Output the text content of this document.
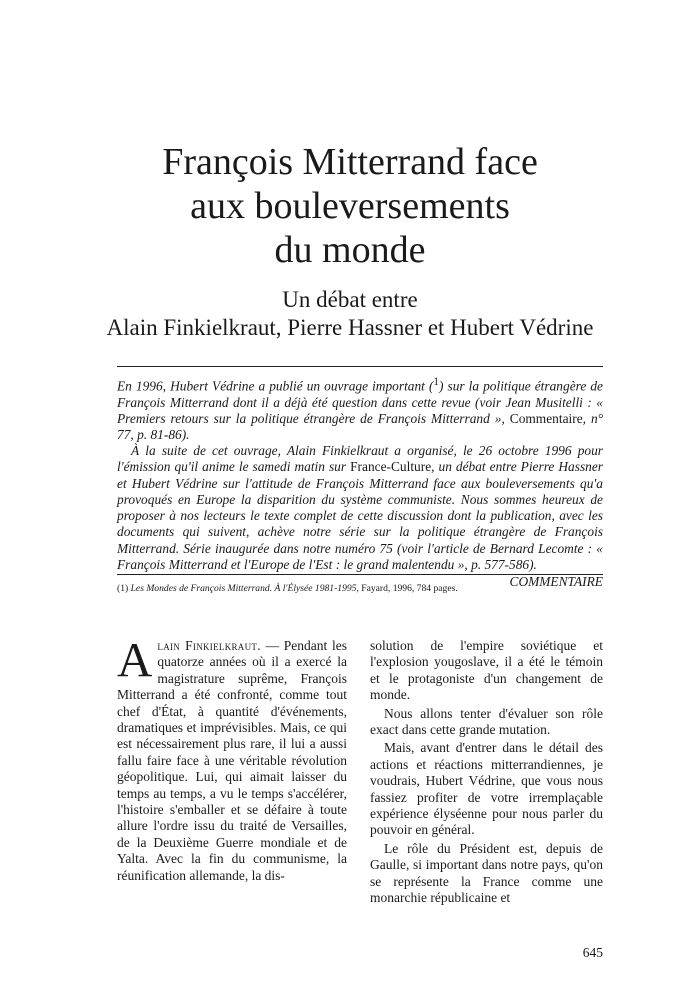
François Mitterrand face
aux bouleversements
du monde
Un débat entre
Alain Finkielkraut, Pierre Hassner et Hubert Védrine

En 1996, Hubert Védrine a publié un ouvrage important ($^1$) sur la politique étrangère de François Mitterrand dont il a déjà été question dans cette revue (voir Jean Musitelli : « Premiers retours sur la politique étrangère de François Mitterrand », Commentaire, n° 77, p. 81-86).

À la suite de cet ouvrage, Alain Finkielkraut a organisé, le 26 octobre 1996 pour l'émission qu'il anime le samedi matin sur France-Culture, un débat entre Pierre Hassner et Hubert Védrine sur l'attitude de François Mitterrand face aux bouleversements qu'a provoqués en Europe la disparition du système communiste. Nous sommes heureux de proposer à nos lecteurs le texte complet de cette discussion dont la publication, avec les documents qui suivent, achève notre série sur la politique étrangère de François Mitterrand. Série inaugurée dans notre numéro 75 (voir l'article de Bernard Lecomte : « François Mitterrand et l'Europe de l'Est : le grand malentendu », p. 577-586).

COMMENTAIRE

(1) Les Mondes de François Mitterrand. À l'Élysée 1981-1995, Fayard, 1996, 784 pages.

Alain Finkielkraut. — Pendant les quatorze années où il a exercé la magistrature suprême, François Mitterrand a été confronté, comme tout chef d'État, à quantité d'événements, dramatiques et imprévisibles. Mais, ce qui est nécessairement plus rare, il lui a aussi fallu faire face à une véritable révolution géopolitique. Lui, qui aimait laisser du temps au temps, a vu le temps s'accélérer, l'histoire s'emballer et se défaire à toute allure l'ordre issu du traité de Versailles, de la Deuxième Guerre mondiale et de Yalta. Avec la fin du communisme, la réunification allemande, la dis-

solution de l'empire soviétique et l'explosion yougoslave, il a été le témoin et le protagoniste d'un changement de monde.

Nous allons tenter d'évaluer son rôle exact dans cette grande mutation.

Mais, avant d'entrer dans le détail des actions et réactions mitterrandiennes, je voudrais, Hubert Védrine, que vous nous fassiez profiter de votre irremplaçable expérience élyséenne pour nous parler du pouvoir en général.

Le rôle du Président est, depuis de Gaulle, si important dans notre pays, qu'on se représente la France comme une monarchie républicaine et

645
